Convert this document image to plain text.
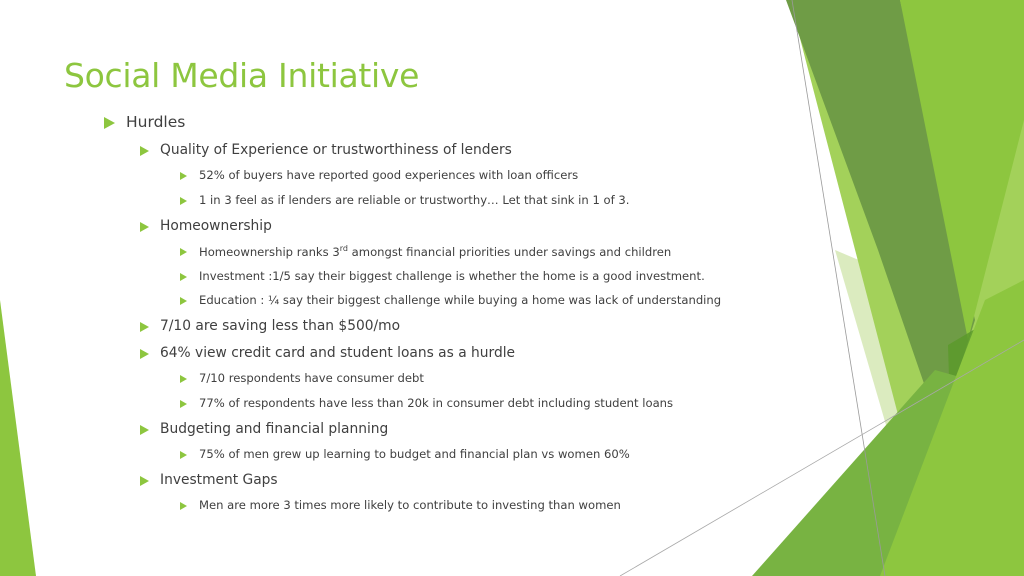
Social Media Initiative
Hurdles
Quality of Experience or trustworthiness of lenders
52% of buyers have reported good experiences with loan officers
1 in 3 feel as if lenders are reliable or trustworthy… Let that sink in 1 of 3.
Homeownership
Homeownership ranks 3rd amongst financial priorities under savings and children
Investment :1/5 say their biggest challenge is whether the home is a good investment.
Education : ¼ say their biggest challenge while buying a home was lack of understanding
7/10 are saving less than $500/mo
64% view credit card and student loans as a hurdle
7/10 respondents have consumer debt
77% of respondents have less than 20k in consumer debt including student loans
Budgeting and financial planning
75% of men grew up learning to budget and financial plan vs women 60%
Investment Gaps
Men are more 3 times more likely to contribute to investing than women
